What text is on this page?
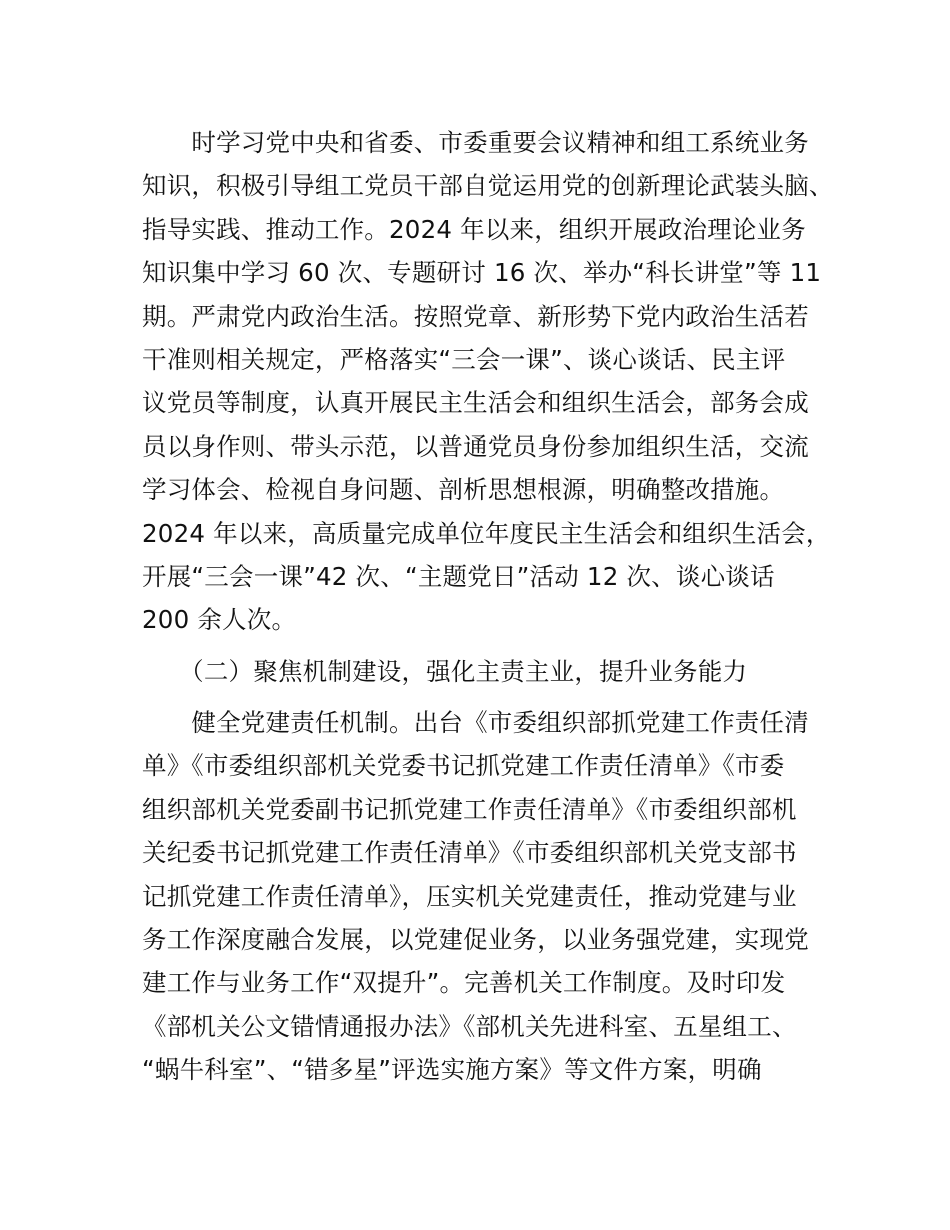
　　时学习党中央和省委、市委重要会议精神和组工系统业务
知识，积极引导组工党员干部自觉运用党的创新理论武装头脑、
指导实践、推动工作。2024 年以来，组织开展政治理论业务
知识集中学习 60 次、专题研讨 16 次、举办“科长讲堂”等 11
期。严肃党内政治生活。按照党章、新形势下党内政治生活若
干准则相关规定，严格落实“三会一课”、谈心谈话、民主评
议党员等制度，认真开展民主生活会和组织生活会，部务会成
员以身作则、带头示范，以普通党员身份参加组织生活，交流
学习体会、检视自身问题、剖析思想根源，明确整改措施。
2024 年以来，高质量完成单位年度民主生活会和组织生活会，
开展“三会一课”42 次、“主题党日”活动 12 次、谈心谈话
200 余人次。
　　（二）聚焦机制建设，强化主责主业，提升业务能力
　　健全党建责任机制。出台《市委组织部抓党建工作责任清
单》《市委组织部机关党委书记抓党建工作责任清单》《市委
组织部机关党委副书记抓党建工作责任清单》《市委组织部机
关纪委书记抓党建工作责任清单》《市委组织部机关党支部书
记抓党建工作责任清单》，压实机关党建责任，推动党建与业
务工作深度融合发展，以党建促业务，以业务强党建，实现党
建工作与业务工作“双提升”。完善机关工作制度。及时印发
《部机关公文错情通报办法》《部机关先进科室、五星组工、
“蜗牛科室”、“错多星”评选实施方案》等文件方案，明确
